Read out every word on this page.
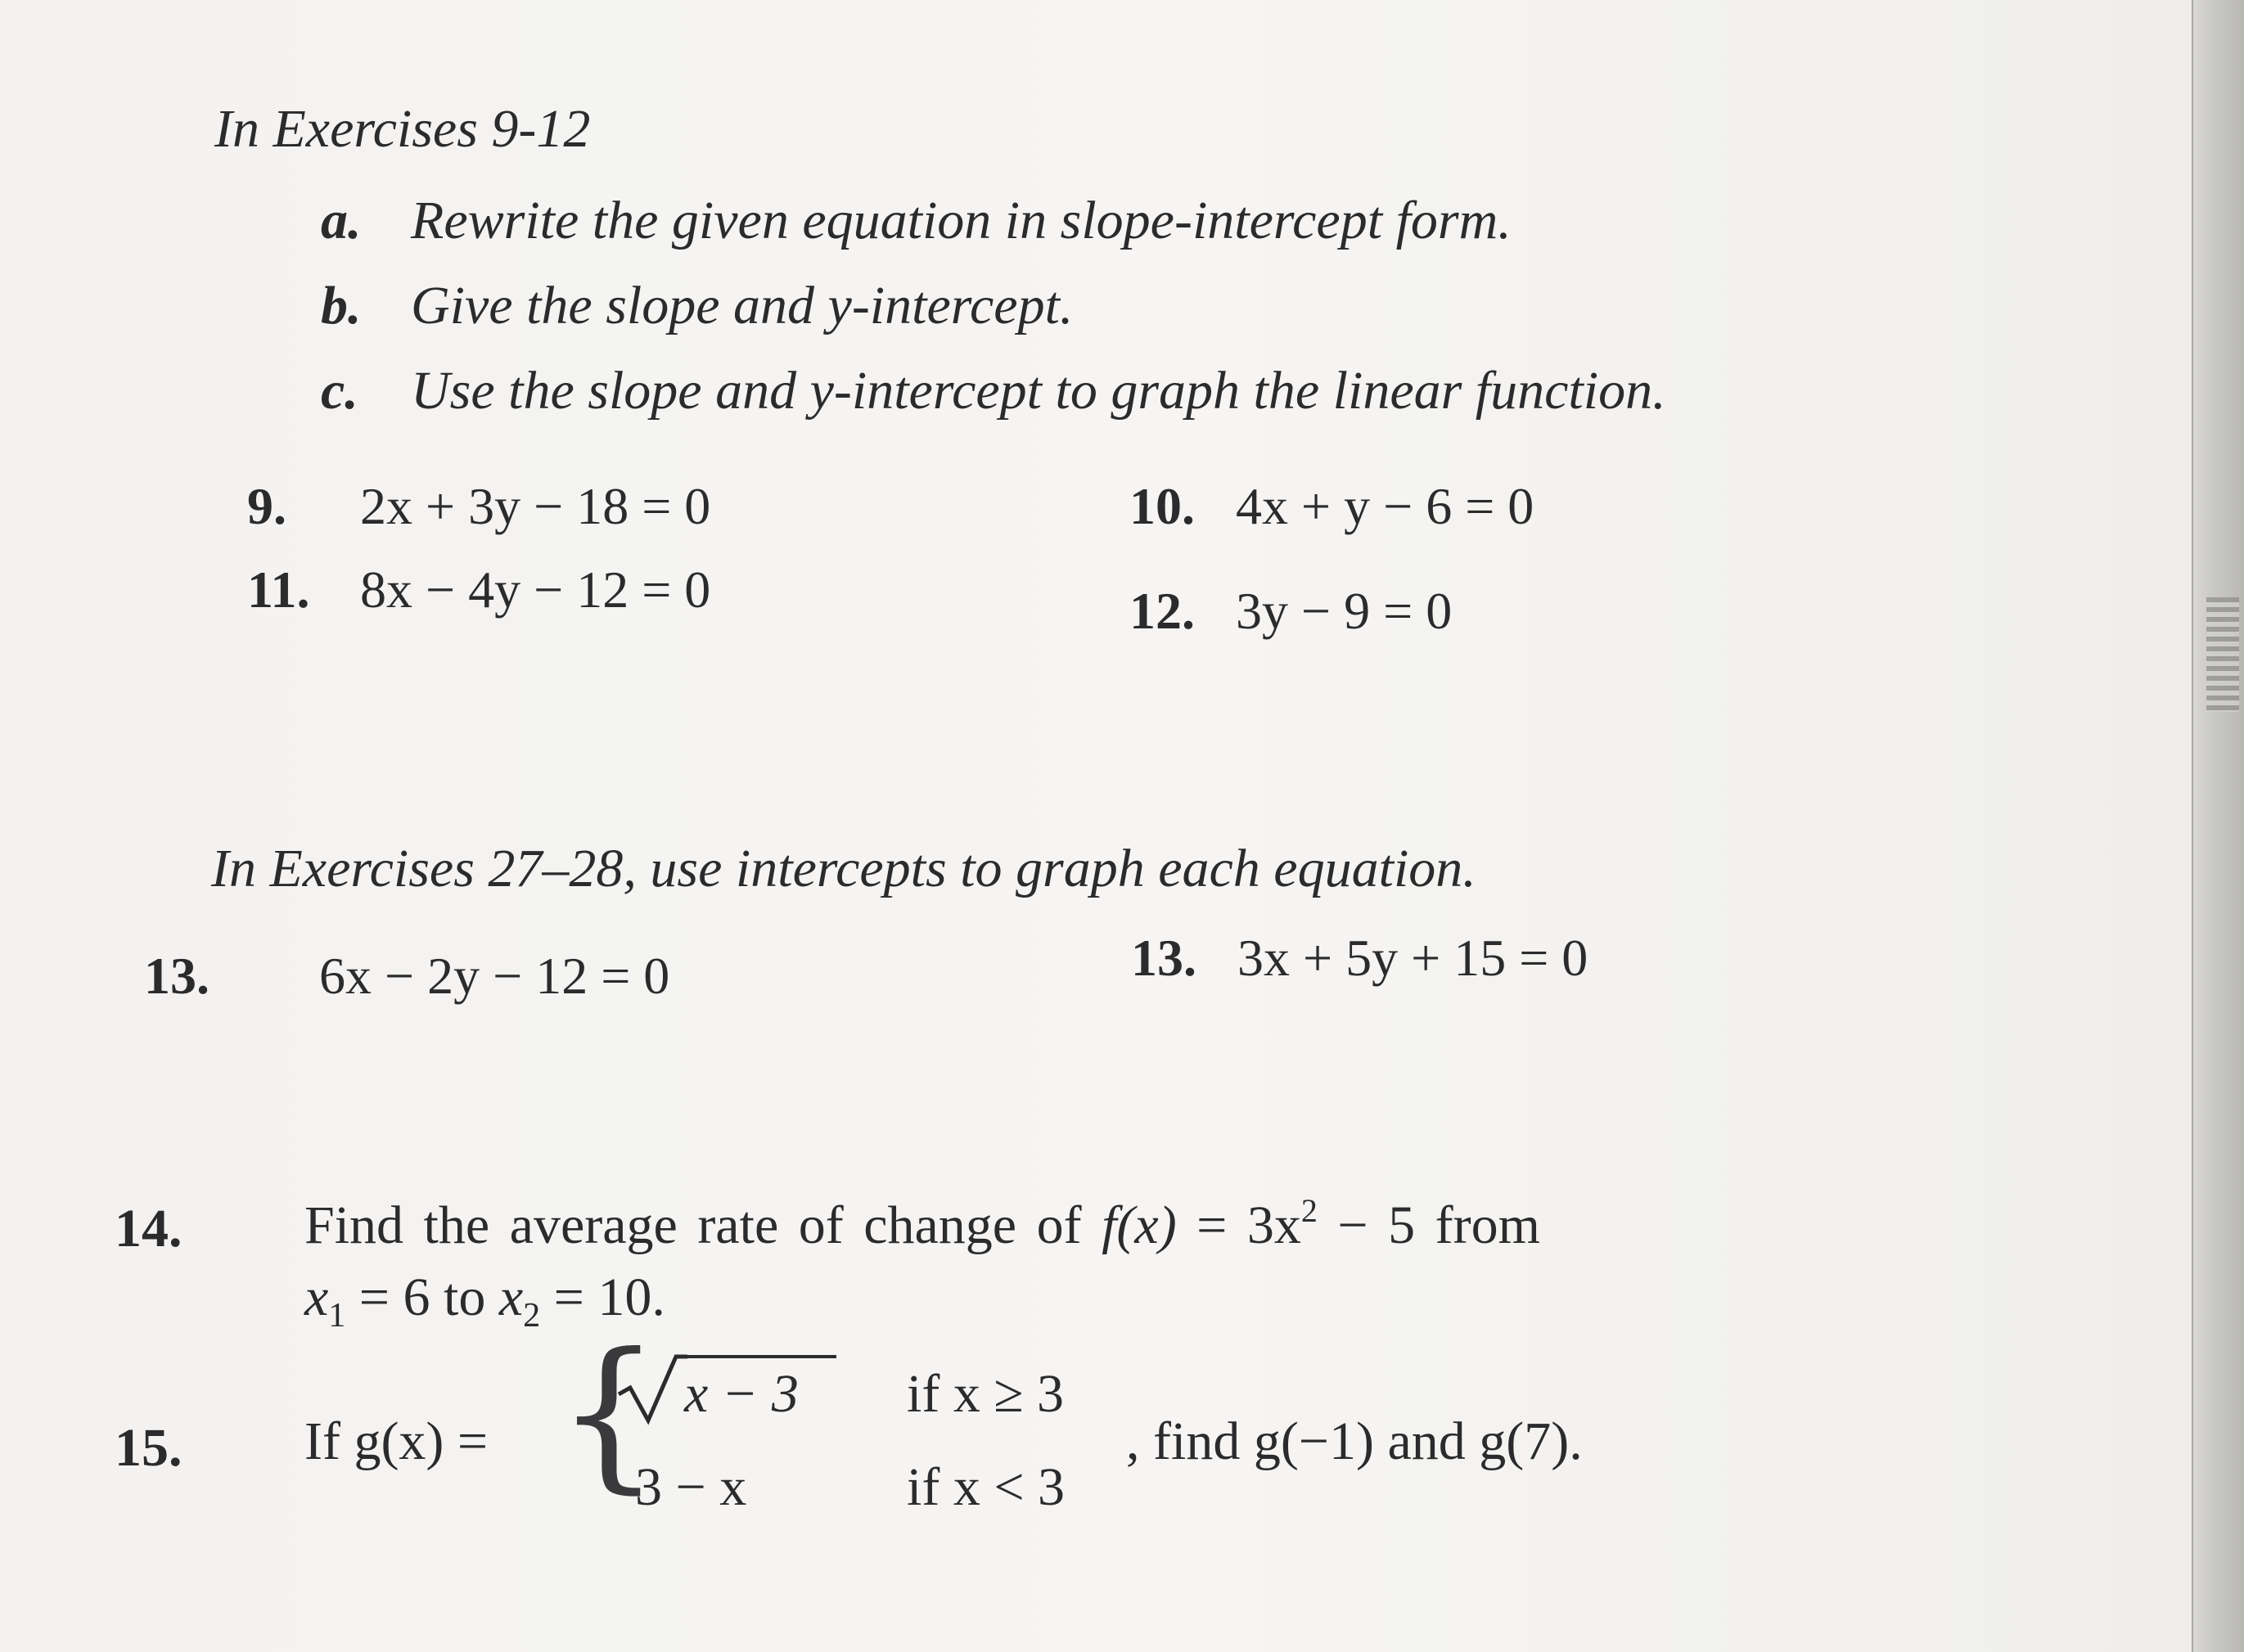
In Exercises 9-12
a. Rewrite the given equation in slope-intercept form.
b. Give the slope and y-intercept.
c. Use the slope and y-intercept to graph the linear function.
9. 2x + 3y − 18 = 0	10. 4x + y − 6 = 0
11. 8x − 4y − 12 = 0	12. 3y − 9 = 0
In Exercises 27–28, use intercepts to graph each equation.
13. 6x − 2y − 12 = 0	13. 3x + 5y + 15 = 0
14. Find the average rate of change of $f(x) = 3x^2 - 5$ from
$x_1 = 6$ to $x_2 = 10$.
15. If g(x) = { x − 3 if x ≥ 3
3 − x	if x < 3
, find g(−1) and g(7).
